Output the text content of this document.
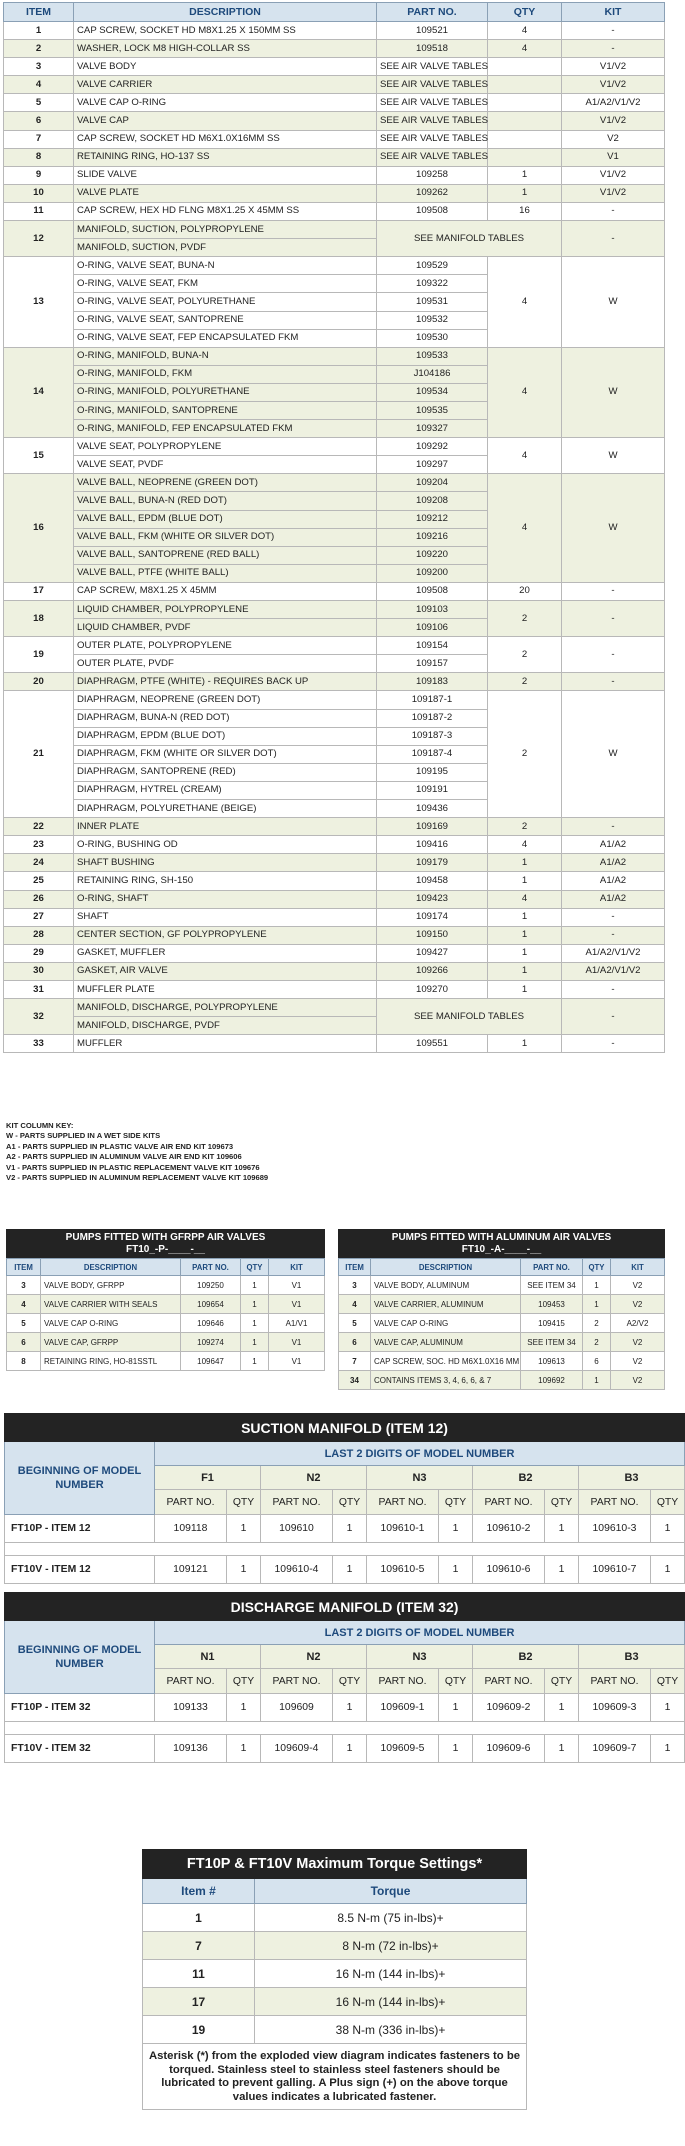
ITEM	DESCRIPTION	PART NO.	QTY	KIT
1	CAP SCREW, SOCKET HD M8X1.25 X 150MM SS	109521	4	-
2	WASHER, LOCK M8 HIGH-COLLAR SS	109518	4	-
3	VALVE BODY	SEE AIR VALVE TABLES		V1/V2
4	VALVE CARRIER	SEE AIR VALVE TABLES		V1/V2
5	VALVE CAP O-RING	SEE AIR VALVE TABLES		A1/A2/V1/V2
6	VALVE CAP	SEE AIR VALVE TABLES		V1/V2
7	CAP SCREW, SOCKET HD M6X1.0X16MM SS	SEE AIR VALVE TABLES		V2
8	RETAINING RING, HO-137 SS	SEE AIR VALVE TABLES		V1
9	SLIDE VALVE	109258	1	V1/V2
10	VALVE PLATE	109262	1	V1/V2
11	CAP SCREW, HEX HD FLNG M8X1.25 X 45MM SS	109508	16	-
12	MANIFOLD, SUCTION, POLYPROPYLENE	SEE MANIFOLD TABLES		-
	MANIFOLD, SUCTION, PVDF			
13	O-RING, VALVE SEAT, BUNA-N	109529	4	W
	O-RING, VALVE SEAT, FKM	109322		
	O-RING, VALVE SEAT, POLYURETHANE	109531		
	O-RING, VALVE SEAT, SANTOPRENE	109532		
	O-RING, VALVE SEAT, FEP ENCAPSULATED FKM	109530		
14	O-RING, MANIFOLD, BUNA-N	109533	4	W
	O-RING, MANIFOLD, FKM	J104186		
	O-RING, MANIFOLD, POLYURETHANE	109534		
	O-RING, MANIFOLD, SANTOPRENE	109535		
	O-RING, MANIFOLD, FEP ENCAPSULATED FKM	109327		
15	VALVE SEAT, POLYPROPYLENE	109292	4	W
	VALVE SEAT, PVDF	109297		
16	VALVE BALL, NEOPRENE (GREEN DOT)	109204	4	W
	VALVE BALL, BUNA-N (RED DOT)	109208		
	VALVE BALL, EPDM (BLUE DOT)	109212		
	VALVE BALL, FKM (WHITE OR SILVER DOT)	109216		
	VALVE BALL, SANTOPRENE (RED BALL)	109220		
	VALVE BALL, PTFE (WHITE BALL)	109200		
17	CAP SCREW, M8X1.25 X 45MM	109508	20	-
18	LIQUID CHAMBER, POLYPROPYLENE	109103	2	-
	LIQUID CHAMBER, PVDF	109106		
19	OUTER PLATE, POLYPROPYLENE	109154	2	-
	OUTER PLATE, PVDF	109157		
20	DIAPHRAGM, PTFE (WHITE) - REQUIRES BACK UP	109183	2	-
21	DIAPHRAGM, NEOPRENE (GREEN DOT)	109187-1	2	W
	DIAPHRAGM, BUNA-N (RED DOT)	109187-2		
	DIAPHRAGM, EPDM (BLUE DOT)	109187-3		
	DIAPHRAGM, FKM (WHITE OR SILVER DOT)	109187-4		
	DIAPHRAGM, SANTOPRENE (RED)	109195		
	DIAPHRAGM, HYTREL (CREAM)	109191		
	DIAPHRAGM, POLYURETHANE (BEIGE)	109436		
22	INNER PLATE	109169	2	-
23	O-RING, BUSHING OD	109416	4	A1/A2
24	SHAFT BUSHING	109179	1	A1/A2
25	RETAINING RING, SH-150	109458	1	A1/A2
26	O-RING, SHAFT	109423	4	A1/A2
27	SHAFT	109174	1	-
28	CENTER SECTION, GF POLYPROPYLENE	109150	1	-
29	GASKET, MUFFLER	109427	1	A1/A2/V1/V2
30	GASKET, AIR VALVE	109266	1	A1/A2/V1/V2
31	MUFFLER PLATE	109270	1	-
32	MANIFOLD, DISCHARGE, POLYPROPYLENE	SEE MANIFOLD TABLES		-
	MANIFOLD, DISCHARGE, PVDF			
33	MUFFLER	109551	1	-
KIT COLUMN KEY:
W - PARTS SUPPLIED IN A WET SIDE KITS
A1 - PARTS SUPPLIED IN PLASTIC VALVE AIR END KIT 109673
A2 - PARTS SUPPLIED IN ALUMINUM VALVE AIR END KIT 109606
V1 - PARTS SUPPLIED IN PLASTIC REPLACEMENT VALVE KIT 109676
V2 - PARTS SUPPLIED IN ALUMINUM REPLACEMENT VALVE KIT 109689
PUMPS FITTED WITH GFRPP AIR VALVES
FT10_-P-____-__
ITEM	DESCRIPTION	PART NO.	QTY	KIT
3	VALVE BODY, GFRPP	109250	1	V1
4	VALVE CARRIER WITH SEALS	109654	1	V1
5	VALVE CAP O-RING	109646	1	A1/V1
6	VALVE CAP, GFRPP	109274	1	V1
8	RETAINING RING, HO-81SSTL	109647	1	V1
PUMPS FITTED WITH ALUMINUM AIR VALVES
FT10_-A-____-__
ITEM	DESCRIPTION	PART NO.	QTY	KIT
3	VALVE BODY, ALUMINUM	SEE ITEM 34	1	V2
4	VALVE CARRIER, ALUMINUM	109453	1	V2
5	VALVE CAP O-RING	109415	2	A2/V2
6	VALVE CAP, ALUMINUM	SEE ITEM 34	2	V2
7	CAP SCREW, SOC. HD M6X1.0X16 MM	109613	6	V2
34	CONTAINS ITEMS 3, 4, 6, 6, & 7	109692	1	V2
SUCTION MANIFOLD (ITEM 12)										
BEGINNING OF MODEL NUMBER	LAST 2 DIGITS OF MODEL NUMBER									
	F1		N2		N3		B2		B3	
	PART NO.	QTY	PART NO.	QTY	PART NO.	QTY	PART NO.	QTY	PART NO.	QTY
FT10P - ITEM 12	109118	1	109610	1	109610-1	1	109610-2	1	109610-3	1

FT10V - ITEM 12	109121	1	109610-4	1	109610-5	1	109610-6	1	109610-7	1
DISCHARGE MANIFOLD (ITEM 32)										
BEGINNING OF MODEL NUMBER	LAST 2 DIGITS OF MODEL NUMBER									
	N1		N2		N3		B2		B3	
	PART NO.	QTY	PART NO.	QTY	PART NO.	QTY	PART NO.	QTY	PART NO.	QTY
FT10P - ITEM 32	109133	1	109609	1	109609-1	1	109609-2	1	109609-3	1

FT10V - ITEM 32	109136	1	109609-4	1	109609-5	1	109609-6	1	109609-7	1
FT10P & FT10V Maximum Torque Settings*	
Item #	Torque
1	8.5 N-m (75 in-lbs)+
7	8 N-m (72 in-lbs)+
11	16 N-m (144 in-lbs)+
17	16 N-m (144 in-lbs)+
19	38 N-m (336 in-lbs)+
Asterisk (*) from the exploded view diagram indicates fasteners to be torqued. Stainless steel to stainless steel fasteners should be lubricated to prevent galling. A Plus sign (+) on the above torque values indicates a lubricated fastener.	
